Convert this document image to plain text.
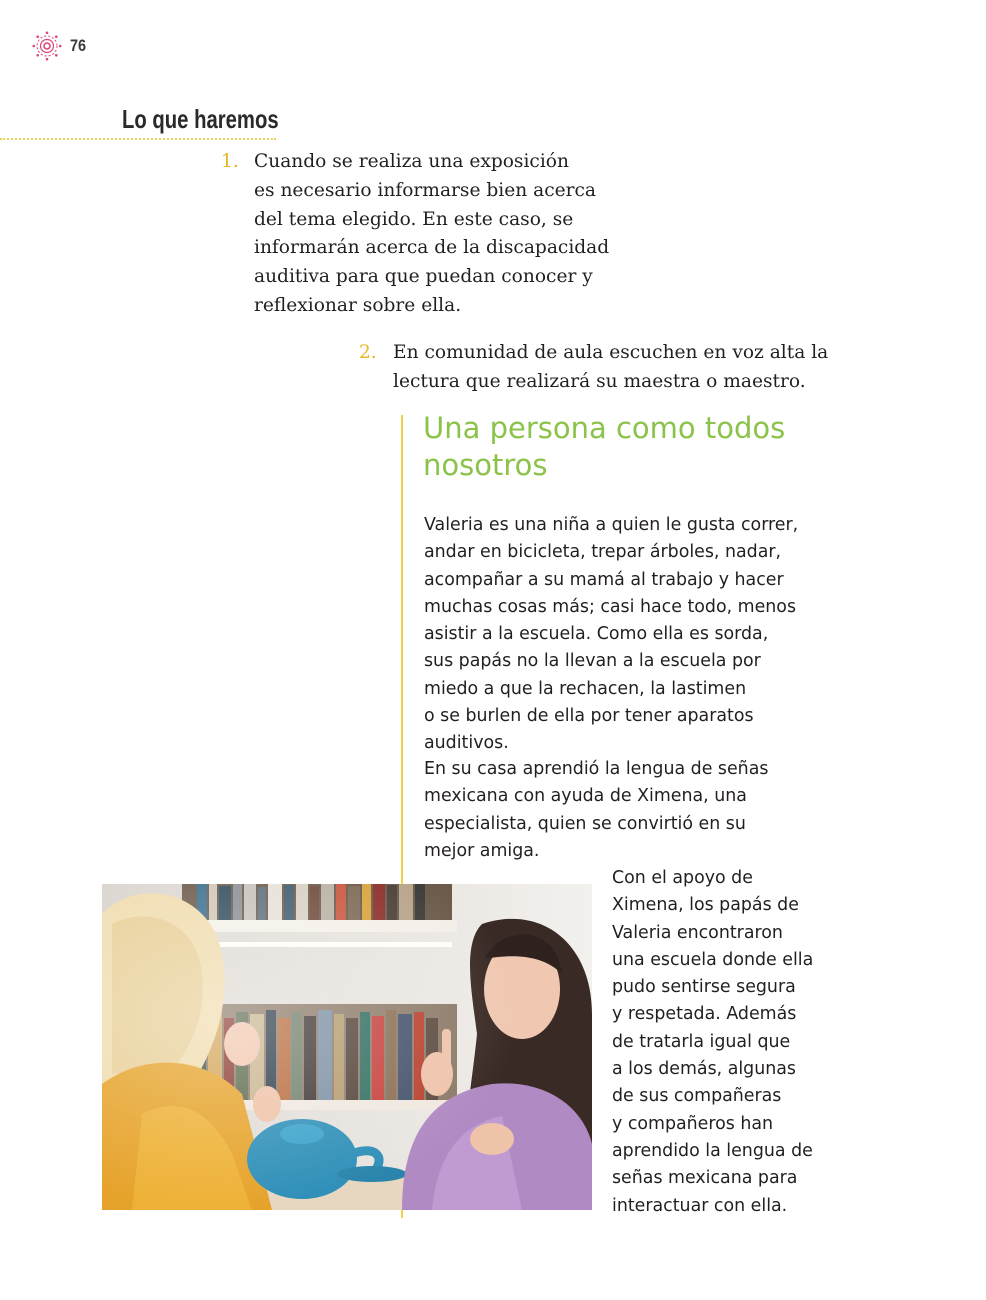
76
Lo que haremos
1. Cuando se realiza una exposición
es necesario informarse bien acerca
del tema elegido. En este caso, se
informarán acerca de la discapacidad
auditiva para que puedan conocer y
reflexionar sobre ella.
2. En comunidad de aula escuchen en voz alta la
lectura que realizará su maestra o maestro.
Una persona como todos
nosotros

Valeria es una niña a quien le gusta correr,
andar en bicicleta, trepar árboles, nadar,
acompañar a su mamá al trabajo y hacer
muchas cosas más; casi hace todo, menos
asistir a la escuela. Como ella es sorda,
sus papás no la llevan a la escuela por
miedo a que la rechacen, la lastimen
o se burlen de ella por tener aparatos
auditivos.

En su casa aprendió la lengua de señas
mexicana con ayuda de Ximena, una
especialista, quien se convirtió en su
mejor amiga.

Con el apoyo de
Ximena, los papás de
Valeria encontraron
una escuela donde ella
pudo sentirse segura
y respetada. Además
de tratarla igual que
a los demás, algunas
de sus compañeras
y compañeros han
aprendido la lengua de
señas mexicana para
interactuar con ella.
